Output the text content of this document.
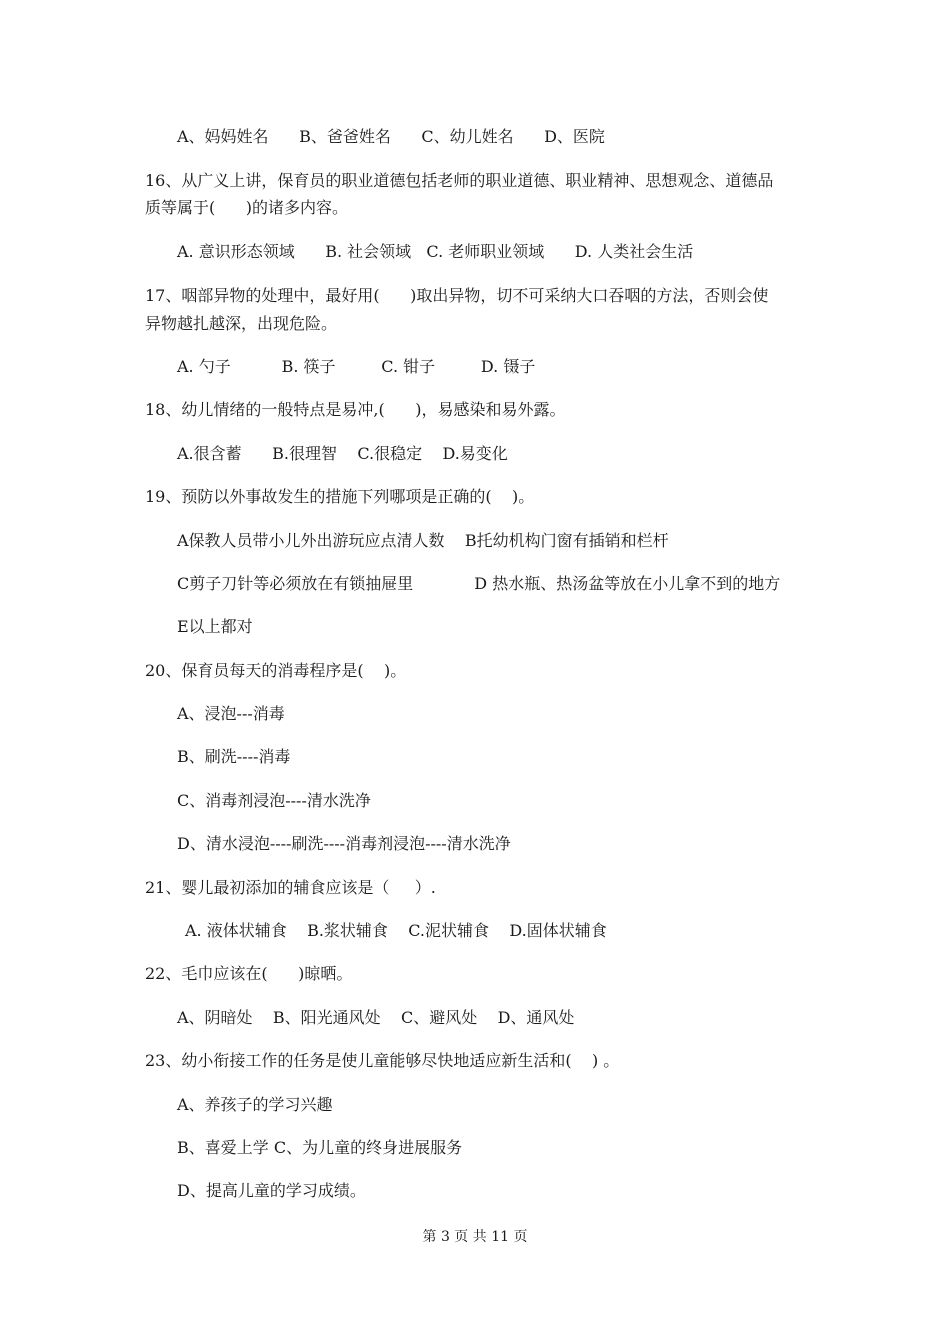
A、妈妈姓名      B、爸爸姓名      C、幼儿姓名      D、医院
16、从广义上讲，保育员的职业道德包括老师的职业道德、职业精神、思想观念、道德品
质等属于(      )的诸多内容。
A. 意识形态领域      B. 社会领域   C. 老师职业领域      D. 人类社会生活
17、咽部异物的处理中，最好用(      )取出异物，切不可采纳大口吞咽的方法，否则会使
异物越扎越深，出现危险。
A. 勺子          B. 筷子         C. 钳子         D. 镊子
18、幼儿情绪的一般特点是易冲,(      )，易感染和易外露。
A.很含蓄      B.很理智    C.很稳定    D.易变化
19、预防以外事故发生的措施下列哪项是正确的(    )。
A保教人员带小儿外出游玩应点清人数    B托幼机构门窗有插销和栏杆
C剪子刀针等必须放在有锁抽屉里            D 热水瓶、热汤盆等放在小儿拿不到的地方
E以上都对
20、保育员每天的消毒程序是(    )。
A、浸泡---消毒
B、刷洗----消毒
C、消毒剂浸泡----清水洗净
D、清水浸泡----刷洗----消毒剂浸泡----清水洗净
21、婴儿最初添加的辅食应该是（     ）.
A. 液体状辅食    B.浆状辅食    C.泥状辅食    D.固体状辅食
22、毛巾应该在(      )晾晒。
A、阴暗处    B、阳光通风处    C、避风处    D、通风处
23、幼小衔接工作的任务是使儿童能够尽快地适应新生活和(    ) 。
A、养孩子的学习兴趣
B、喜爱上学 C、为儿童的终身进展服务
D、提高儿童的学习成绩。
第 3 页 共 11 页
